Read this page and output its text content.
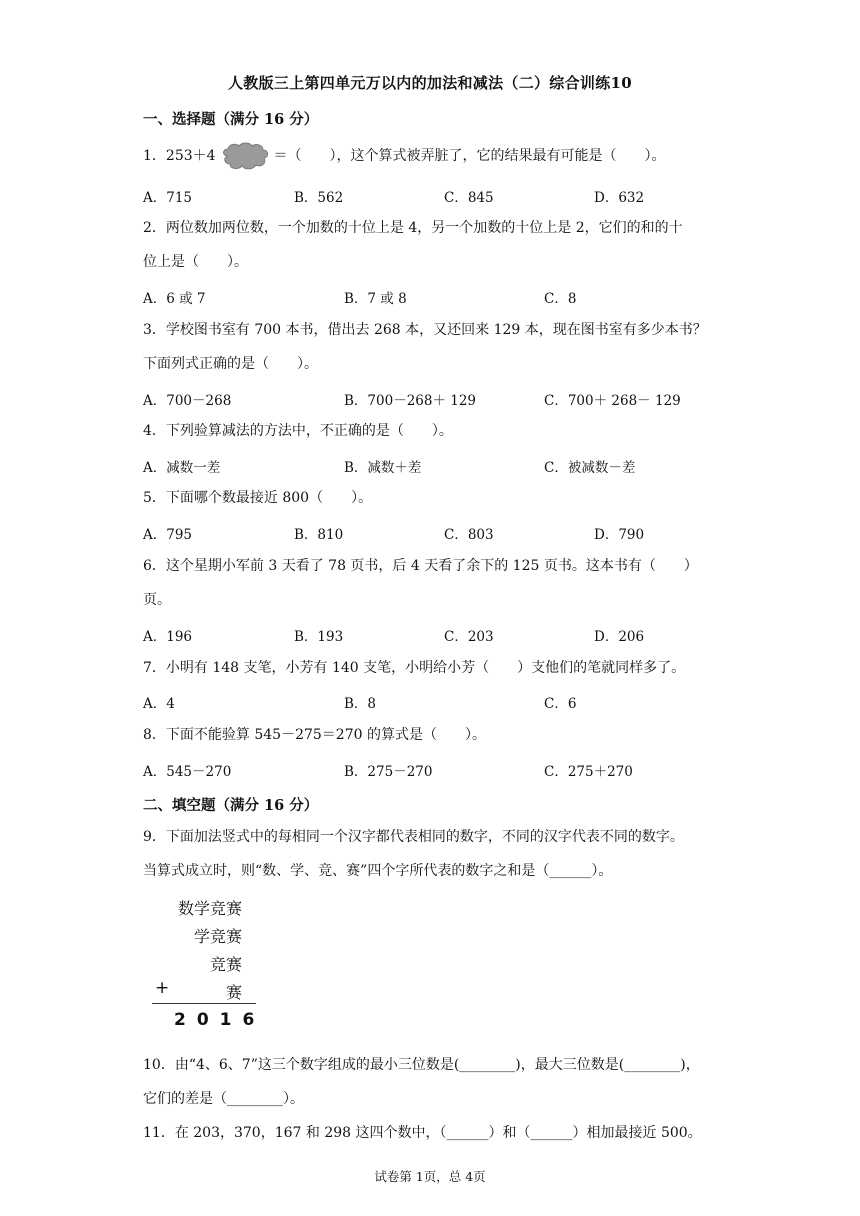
人教版三上第四单元万以内的加法和减法（二）综合训练10
一、选择题（满分 16 分）
1．253＋4	＝（　　），这个算式被弄脏了，它的结果最有可能是（　　）。
A．715	B．562	C．845	D．632
2．两位数加两位数，一个加数的十位上是 4，另一个加数的十位上是 2，它们的和的十
位上是（　　）。
A．6 或 7	B．7 或 8	C．8
3．学校图书室有 700 本书，借出去 268 本，又还回来 129 本，现在图书室有多少本书？
下面列式正确的是（　　）。
A．700－268	B．700－268＋ 129	C．700＋ 268－ 129
4．下列验算减法的方法中，不正确的是（　　）。
A．减数一差	B．减数＋差	C．被减数－差
5．下面哪个数最接近 800（　　）。
A．795	B．810	C．803	D．790
6．这个星期小军前 3 天看了 78 页书，后 4 天看了余下的 125 页书。这本书有（　　）
页。
A．196	B．193	C．203	D．206
7．小明有 148 支笔，小芳有 140 支笔，小明给小芳（　　）支他们的笔就同样多了。
A．4	B．8	C．6
8．下面不能验算 545－275＝270 的算式是（　　）。
A．545－270	B．275－270	C．275＋270
二、填空题（满分 16 分）
9．下面加法竖式中的每相同一个汉字都代表相同的数字，不同的汉字代表不同的数字。
当算式成立时，则“数、学、竞、赛”四个字所代表的数字之和是（______）。
数学竞赛
学竞赛
竞赛
赛
+
2016
10．由“4、6、7”这三个数字组成的最小三位数是(________)，最大三位数是(________)，
它们的差是（________）。
11．在 203，370，167 和 298 这四个数中，（______）和（______）相加最接近 500。
试卷第 1页，总 4页
